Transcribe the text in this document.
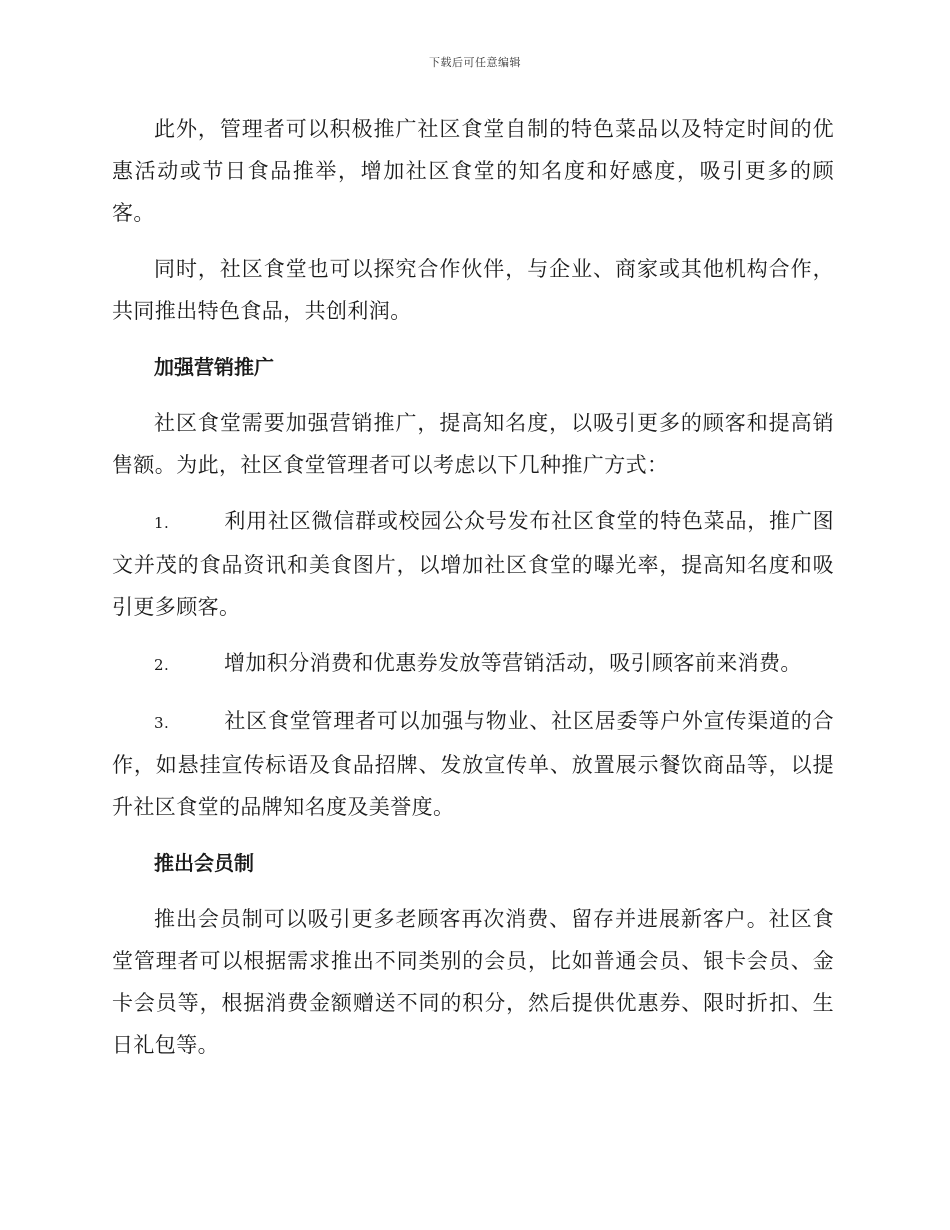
下载后可任意编辑

此外，管理者可以积极推广社区食堂自制的特色菜品以及特定时间的优惠活动或节日食品推举，增加社区食堂的知名度和好感度，吸引更多的顾客。

同时，社区食堂也可以探究合作伙伴，与企业、商家或其他机构合作，共同推出特色食品，共创利润。

加强营销推广

社区食堂需要加强营销推广，提高知名度，以吸引更多的顾客和提高销售额。为此，社区食堂管理者可以考虑以下几种推广方式：

1.	利用社区微信群或校园公众号发布社区食堂的特色菜品，推广图文并茂的食品资讯和美食图片，以增加社区食堂的曝光率，提高知名度和吸引更多顾客。

2.	增加积分消费和优惠券发放等营销活动，吸引顾客前来消费。

3.	社区食堂管理者可以加强与物业、社区居委等户外宣传渠道的合作，如悬挂宣传标语及食品招牌、发放宣传单、放置展示餐饮商品等，以提升社区食堂的品牌知名度及美誉度。

推出会员制

推出会员制可以吸引更多老顾客再次消费、留存并进展新客户。社区食堂管理者可以根据需求推出不同类别的会员，比如普通会员、银卡会员、金卡会员等，根据消费金额赠送不同的积分，然后提供优惠券、限时折扣、生日礼包等。
